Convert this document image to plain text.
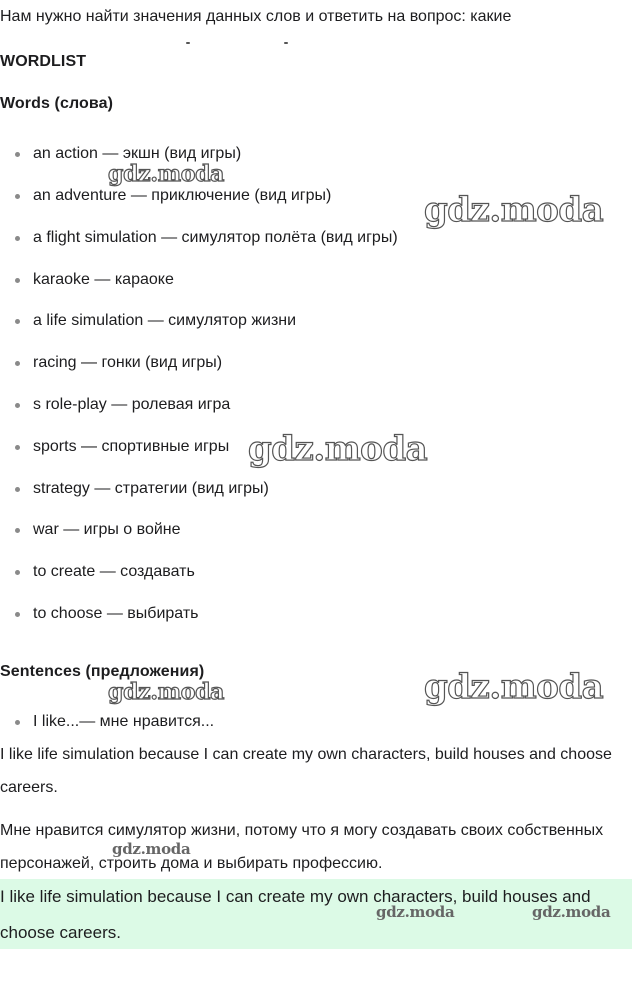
Нам нужно найти значения данных слов и ответить на вопрос: какие
WORDLIST
Words (слова)
an action — экшн (вид игры)
an adventure — приключение (вид игры)
a flight simulation — симулятор полёта (вид игры)
karaoke — караоке
a life simulation — симулятор жизни
racing — гонки (вид игры)
s role-play — ролевая игра
sports — спортивные игры
strategy — стратегии (вид игры)
war — игры о войне
to create — создавать
to choose — выбирать
Sentences (предложения)
I like...— мне нравится...
I like life simulation because I can create my own characters, build houses and choose careers.
Мне нравится симулятор жизни, потому что я могу создавать своих собственных персонажей, строить дома и выбирать профессию.
I like life simulation because I can create my own characters, build houses and choose careers.
gdz.moda
gdz.moda
gdz.moda
gdz.moda	gdz.moda
gdz.moda
gdz.moda	gdz.moda
